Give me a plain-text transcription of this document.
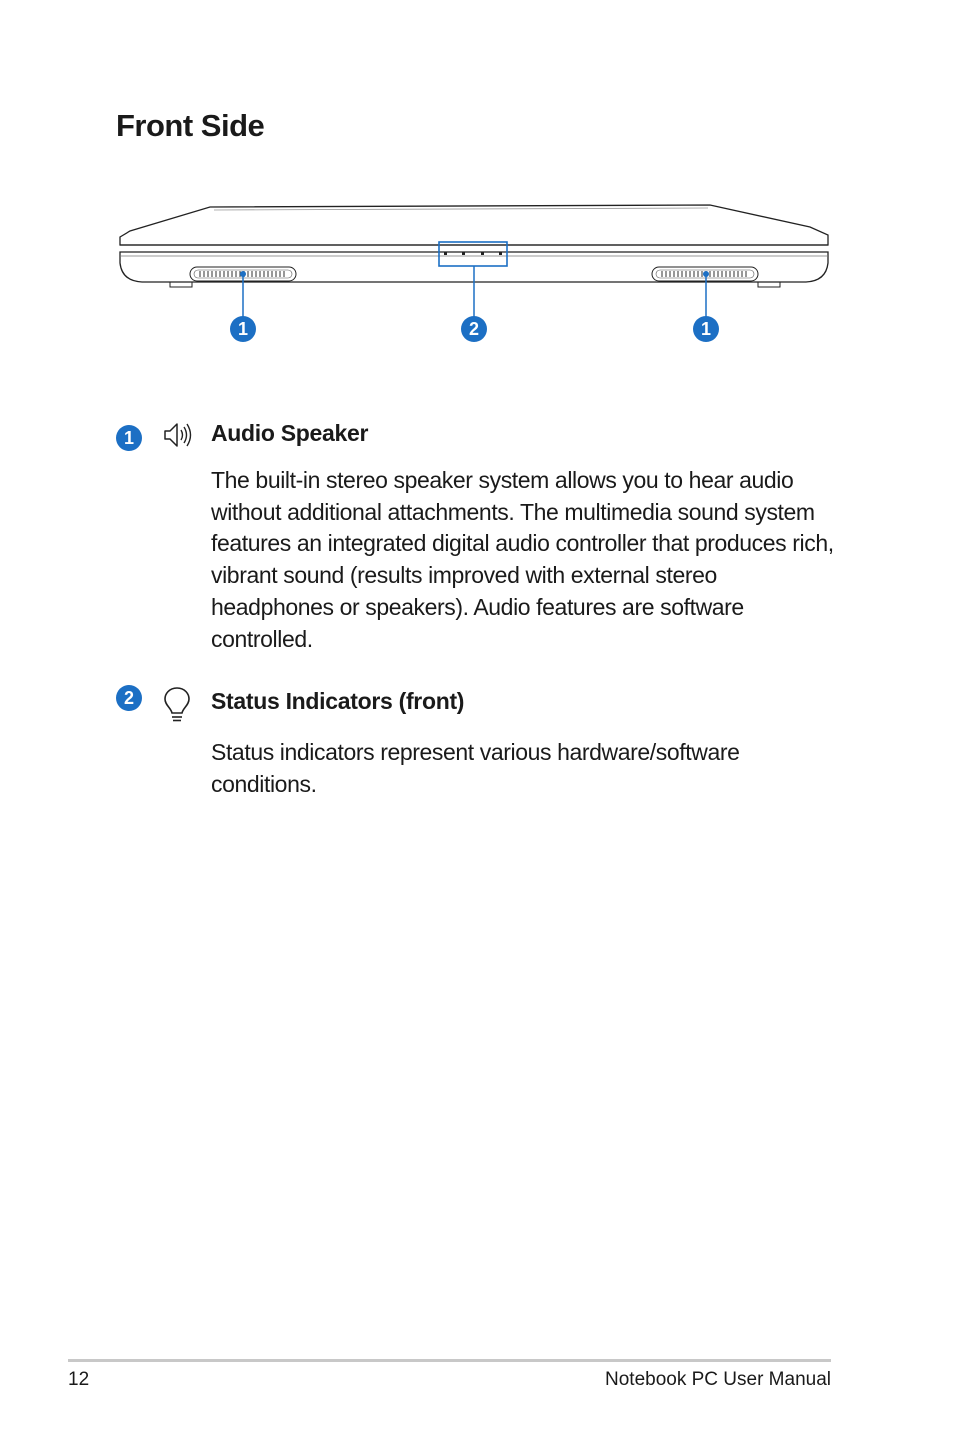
Front Side
1	2	1
1	Audio Speaker

The built-in stereo speaker system allows you to hear audio without additional attachments. The multimedia sound system features an integrated digital audio controller that produces rich, vibrant sound (results improved with external stereo headphones or speakers). Audio features are software controlled.

2	Status Indicators (front)

Status indicators represent various hardware/software conditions.

12	Notebook PC User Manual
